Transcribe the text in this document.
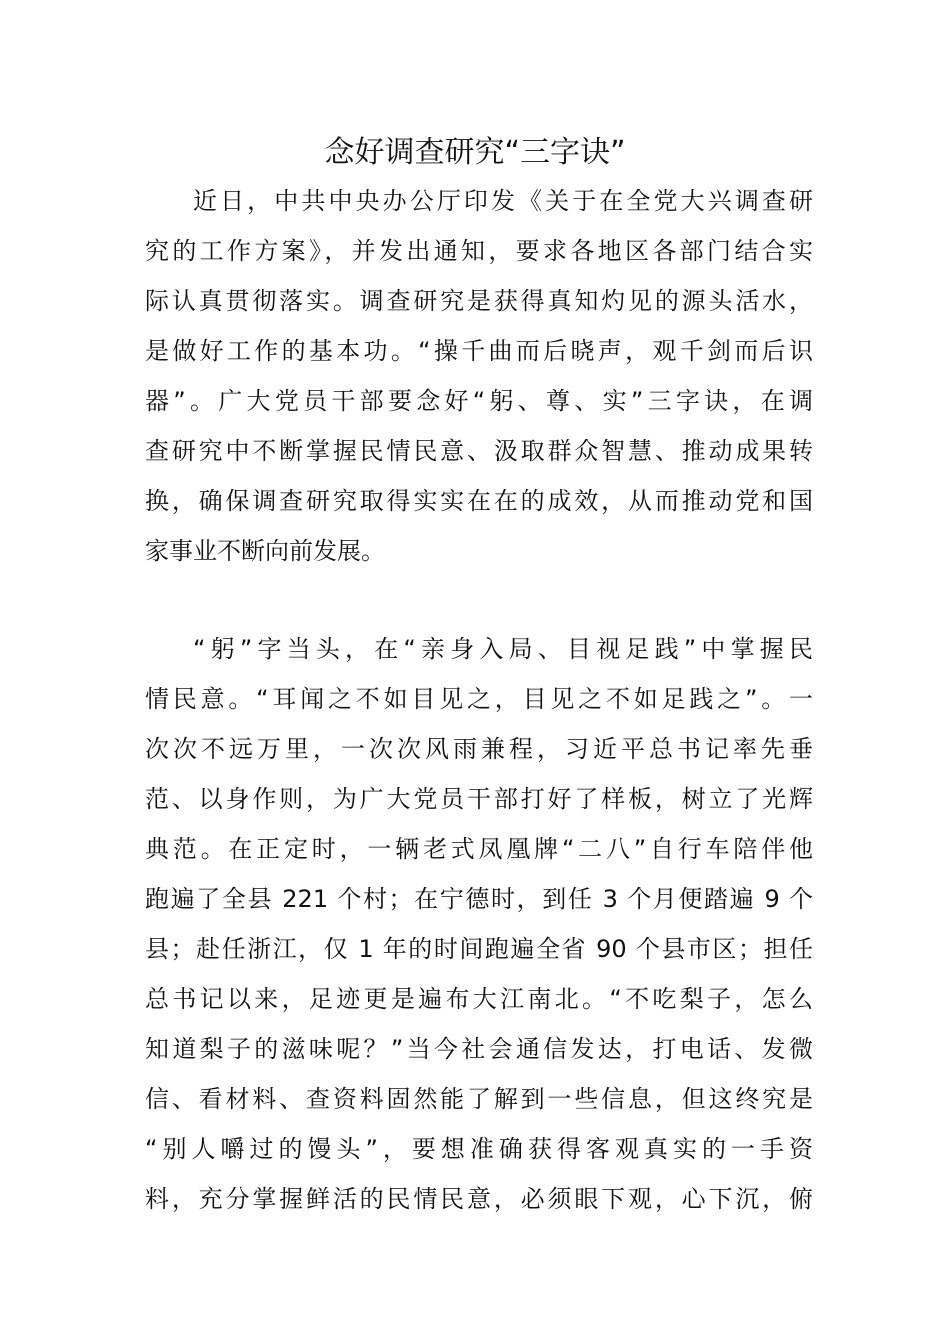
念好调查研究“三字诀”
近日，中共中央办公厅印发《关于在全党大兴调查研
究的工作方案》，并发出通知，要求各地区各部门结合实
际认真贯彻落实。调查研究是获得真知灼见的源头活水，
是做好工作的基本功。“操千曲而后晓声，观千剑而后识
器”。广大党员干部要念好“躬、尊、实”三字诀，在调
查研究中不断掌握民情民意、汲取群众智慧、推动成果转
换，确保调查研究取得实实在在的成效，从而推动党和国
家事业不断向前发展。
“躬”字当头，在“亲身入局、目视足践”中掌握民
情民意。“耳闻之不如目见之，目见之不如足践之”。一
次次不远万里，一次次风雨兼程，习近平总书记率先垂
范、以身作则，为广大党员干部打好了样板，树立了光辉
典范。在正定时，一辆老式凤凰牌“二八”自行车陪伴他
跑遍了全县 221 个村；在宁德时，到任 3 个月便踏遍 9 个
县；赴任浙江，仅 1 年的时间跑遍全省 90 个县市区；担任
总书记以来，足迹更是遍布大江南北。“不吃梨子，怎么
知道梨子的滋味呢？”当今社会通信发达，打电话、发微
信、看材料、查资料固然能了解到一些信息，但这终究是
“别人嚼过的馒头”，要想准确获得客观真实的一手资
料，充分掌握鲜活的民情民意，必须眼下观，心下沉，俯
